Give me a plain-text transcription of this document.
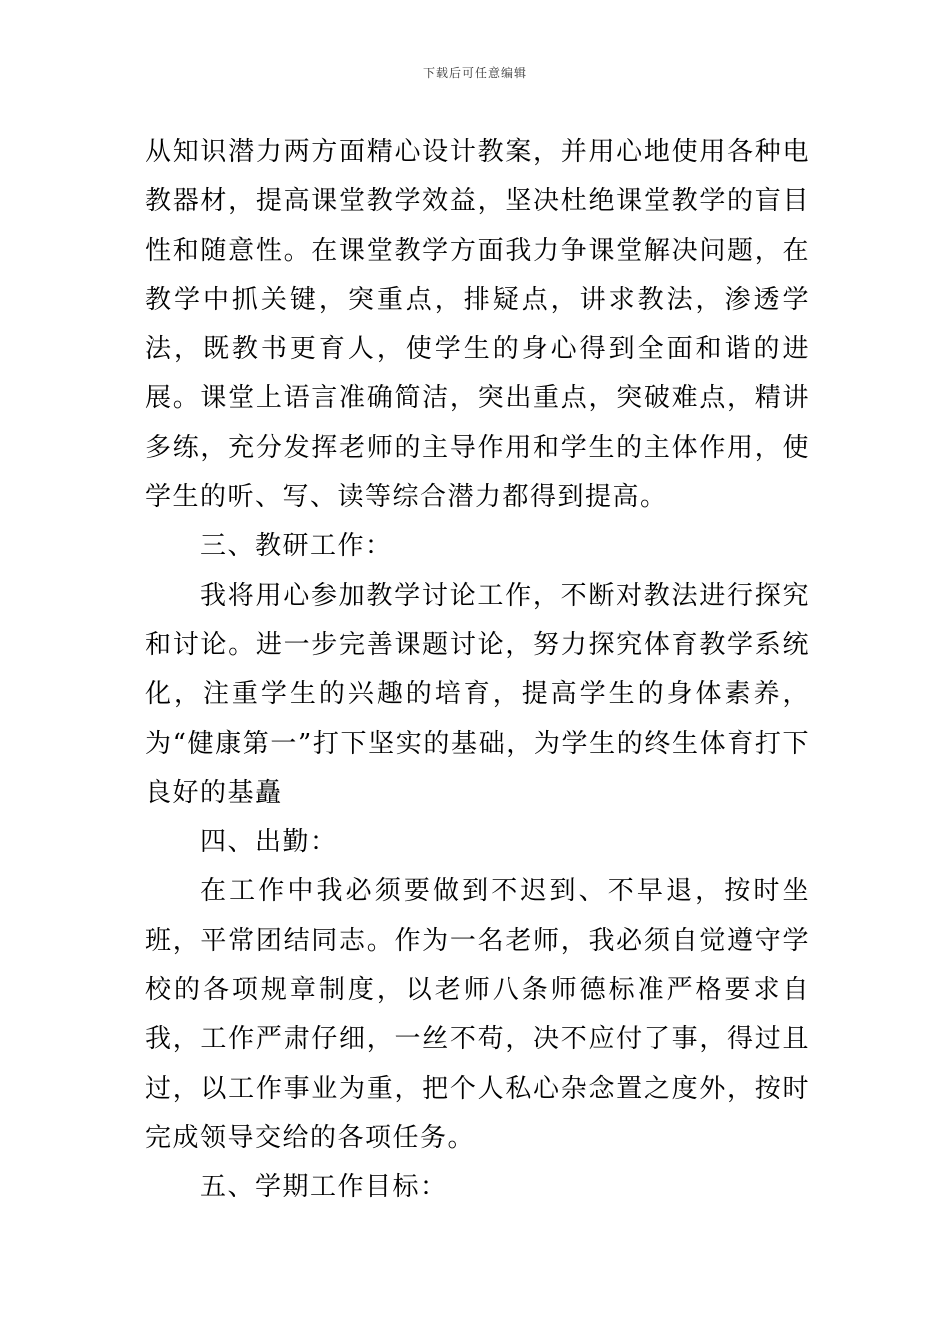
下载后可任意编辑

从知识潜力两方面精心设计教案，并用心地使用各种电教器材，提高课堂教学效益，坚决杜绝课堂教学的盲目性和随意性。在课堂教学方面我力争课堂解决问题，在教学中抓关键，突重点，排疑点，讲求教法，渗透学法，既教书更育人，使学生的身心得到全面和谐的进展。课堂上语言准确简洁，突出重点，突破难点，精讲多练，充分发挥老师的主导作用和学生的主体作用，使学生的听、写、读等综合潜力都得到提高。

三、教研工作：

我将用心参加教学讨论工作，不断对教法进行探究和讨论。进一步完善课题讨论，努力探究体育教学系统化，注重学生的兴趣的培育，提高学生的身体素养，为“健康第一”打下坚实的基础，为学生的终生体育打下良好的基矗

四、出勤：

在工作中我必须要做到不迟到、不早退，按时坐班，平常团结同志。作为一名老师，我必须自觉遵守学校的各项规章制度，以老师八条师德标准严格要求自我，工作严肃仔细，一丝不苟，决不应付了事，得过且过，以工作事业为重，把个人私心杂念置之度外，按时完成领导交给的各项任务。

五、学期工作目标：
